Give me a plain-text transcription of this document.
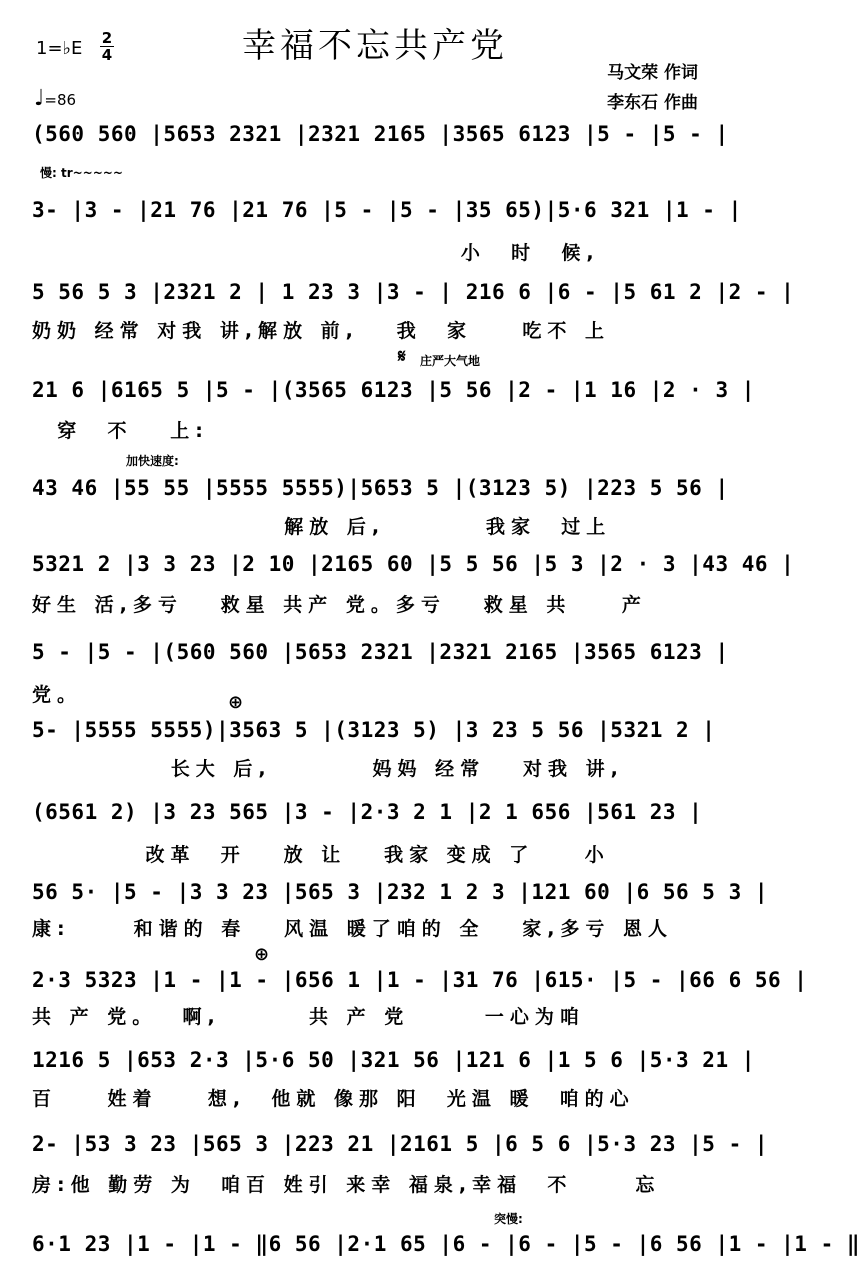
幸福不忘共产党
1=♭E 2
4
♩=86
马文荣 作词
李东石 作曲
(560 560 |5653 2321 |2321 2165 |3565 6123 |5 - |5 - |
慢: tr~~~~~
3- |3 - |21 76 |21 76 |5 - |5 - |35 65)|5·6 321 |1 - |
小  时  候,
5 56 5 3 |2321 2 | 1 23 3 |3 - | 216 6 |6 - |5 61 2 |2 - |
奶奶 经常 对我 讲,解放 前,   我  家    吃不 上
𝄋 庄严大气地
21 6 |6165 5 |5 - |(3565 6123 |5 56 |2 - |1 16 |2 · 3 |
穿  不   上:
加快速度:
43 46 |55 55 |5555 5555)|5653 5 |(3123 5) |223 5 56 |
解放 后,        我家  过上
5321 2 |3 3 23 |2 10 |2165 60 |5 5 56 |5 3 |2 · 3 |43 46 |
好生 活,多亏   救星 共产 党。多亏   救星 共    产
5 - |5 - |(560 560 |5653 2321 |2321 2165 |3565 6123 |
党。	⊕
5- |5555 5555)|3563 5 |(3123 5) |3 23 5 56 |5321 2 |
长大 后,        妈妈 经常   对我 讲,
(6561 2) |3 23 565 |3 - |2·3 2 1 |2 1 656 |561 23 |
改革  开   放 让   我家 变成 了    小
56 5· |5 - |3 3 23 |565 3 |232 1 2 3 |121 60 |6 56 5 3 |
康:     和谐的 春   风温 暖了咱的 全   家,多亏 恩人
⊕
2·3 5323 |1 - |1 - |656 1 |1 - |31 76 |615· |5 - |66 6 56 |
共 产 党。  啊,       共 产 党      一心为咱
1216 5 |653 2·3 |5·6 50 |321 56 |121 6 |1 5 6 |5·3 21 |
百    姓着    想,  他就 像那 阳  光温 暖  咱的心
2- |53 3 23 |565 3 |223 21 |2161 5 |6 5 6 |5·3 23 |5 - |
房:他 勤劳 为  咱百 姓引 来幸 福泉,幸福  不     忘
突慢:
6·1 23 |1 - |1 - ‖6 56 |2·1 65 |6 - |6 - |5 - |6 56 |1 - |1 - ‖
